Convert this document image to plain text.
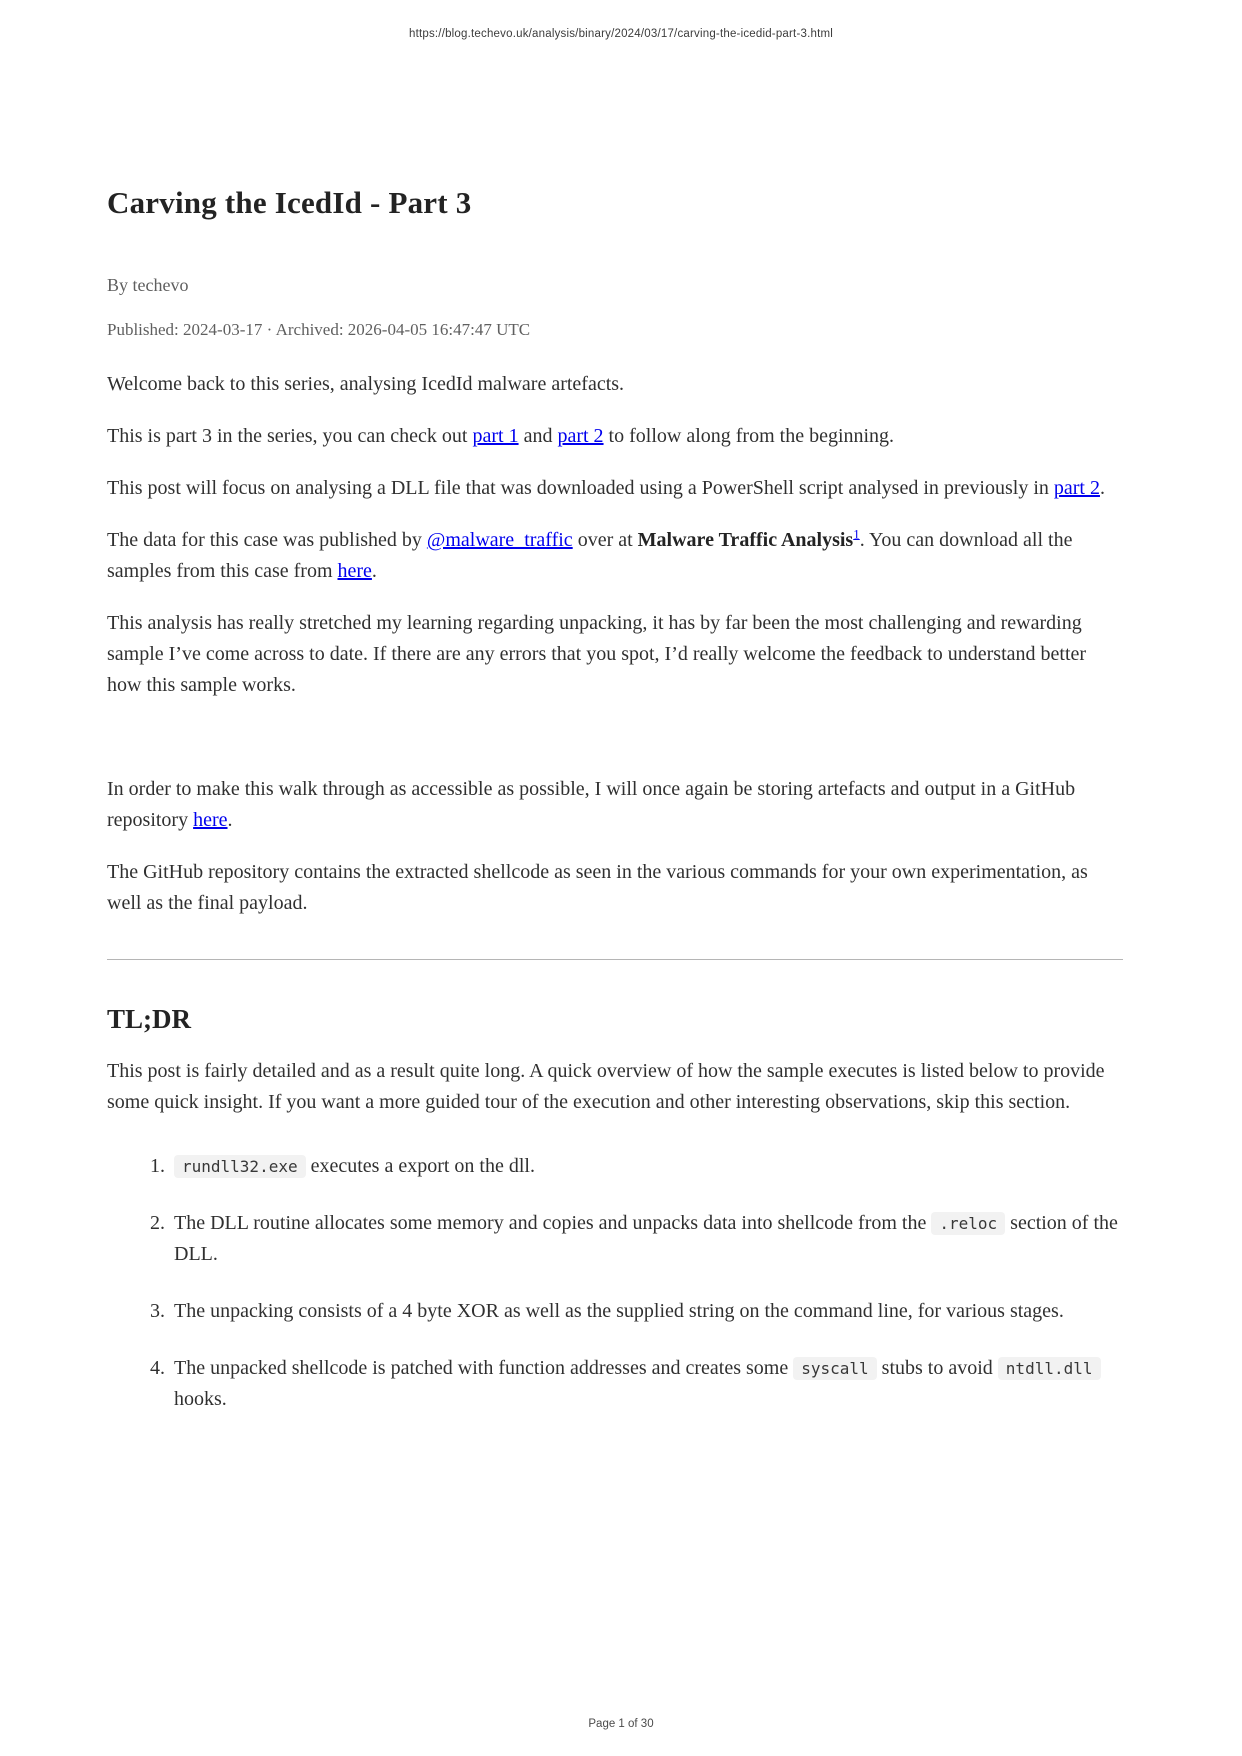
https://blog.techevo.uk/analysis/binary/2024/03/17/carving-the-icedid-part-3.html
Carving the IcedId - Part 3

By techevo

Published: 2024-03-17 · Archived: 2026-04-05 16:47:47 UTC

Welcome back to this series, analysing IcedId malware artefacts.

This is part 3 in the series, you can check out part 1 and part 2 to follow along from the beginning.

This post will focus on analysing a DLL file that was downloaded using a PowerShell script analysed in previously in part 2.

The data for this case was published by @malware_traffic over at Malware Traffic Analysis$^1$. You can download all the samples from this case from here.

This analysis has really stretched my learning regarding unpacking, it has by far been the most challenging and rewarding sample I’ve come across to date. If there are any errors that you spot, I’d really welcome the feedback to understand better how this sample works.

In order to make this walk through as accessible as possible, I will once again be storing artefacts and output in a GitHub repository here.

The GitHub repository contains the extracted shellcode as seen in the various commands for your own experimentation, as well as the final payload.

TL;DR

This post is fairly detailed and as a result quite long. A quick overview of how the sample executes is listed below to provide some quick insight. If you want a more guided tour of the execution and other interesting observations, skip this section.

1. rundll32.exe executes a export on the dll.
2. The DLL routine allocates some memory and copies and unpacks data into shellcode from the .reloc section of the DLL.
3. The unpacking consists of a 4 byte XOR as well as the supplied string on the command line, for various stages.
4. The unpacked shellcode is patched with function addresses and creates some syscall stubs to avoid ntdll.dll hooks.
Page 1 of 30
